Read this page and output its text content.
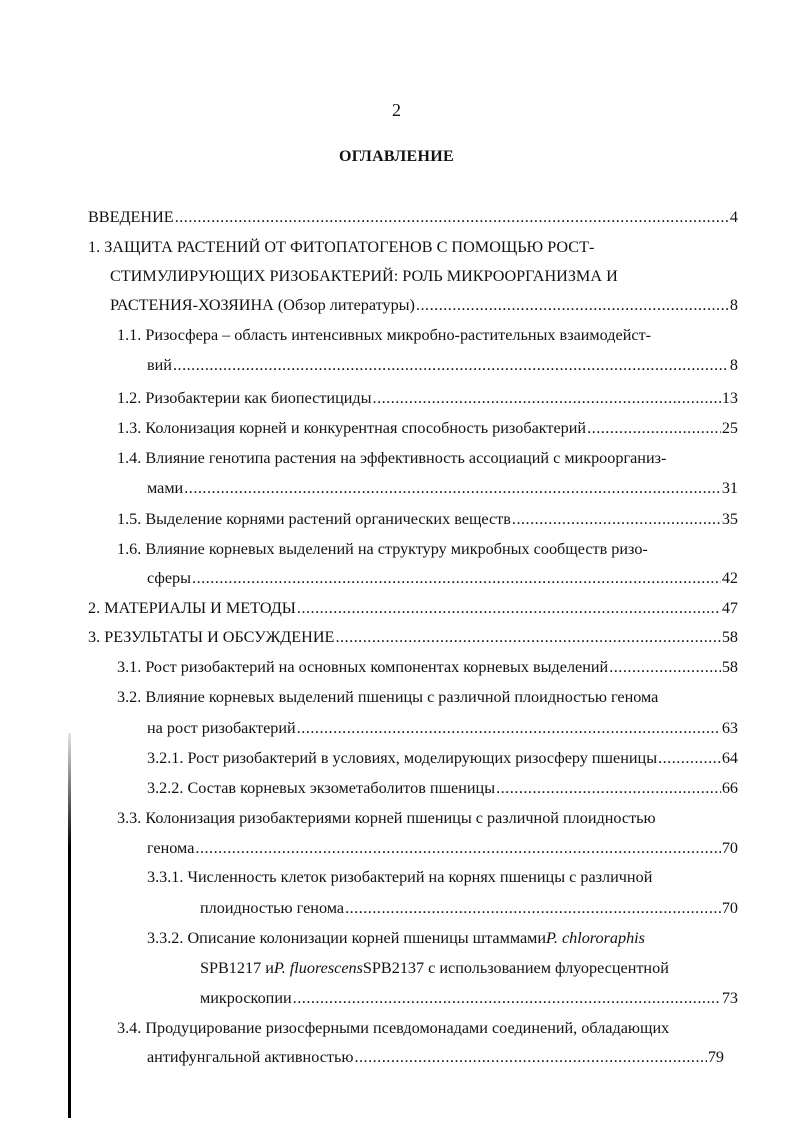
2
ОГЛАВЛЕНИЕ
ВВЕДЕНИЕ .....	4
1. ЗАЩИТА РАСТЕНИЙ ОТ ФИТОПАТОГЕНОВ С ПОМОЩЬЮ РОСТ-
СТИМУЛИРУЮЩИХ РИЗОБАКТЕРИЙ: РОЛЬ МИКРООРГАНИЗМА И
РАСТЕНИЯ-ХОЗЯИНА (Обзор литературы) .....	8
1.1. Ризосфера – область интенсивных микробно-растительных взаимодейст-
вий .....	8
1.2. Ризобактерии как биопестициды .....	13
1.3. Колонизация корней и конкурентная способность ризобактерий .....	25
1.4. Влияние генотипа растения на эффективность ассоциаций с микроорганиз-
мами .....	31
1.5. Выделение корнями растений органических веществ .....	35
1.6. Влияние корневых выделений на структуру микробных сообществ ризо-
сферы .....	42
2. МАТЕРИАЛЫ И МЕТОДЫ .....	47
3. РЕЗУЛЬТАТЫ И ОБСУЖДЕНИЕ .....	58
3.1. Рост ризобактерий на основных компонентах корневых выделений .....	58
3.2. Влияние корневых выделений пшеницы с различной плоидностью генома
на рост ризобактерий .....	63
3.2.1. Рост ризобактерий в условиях, моделирующих ризосферу пшеницы .....	64
3.2.2. Состав корневых экзометаболитов пшеницы .....	66
3.3. Колонизация ризобактериями корней пшеницы с различной плоидностью
генома .....	70
3.3.1. Численность клеток ризобактерий на корнях пшеницы с различной
плоидностью генома .....	70
3.3.2. Описание колонизации корней пшеницы штаммами P. chlororaphis
SPB1217 и P. fluorescens SPB2137 с использованием флуоресцентной
микроскопии .....	73
3.4. Продуцирование ризосферными псевдомонадами соединений, обладающих
антифунгальной активностью .....	79
